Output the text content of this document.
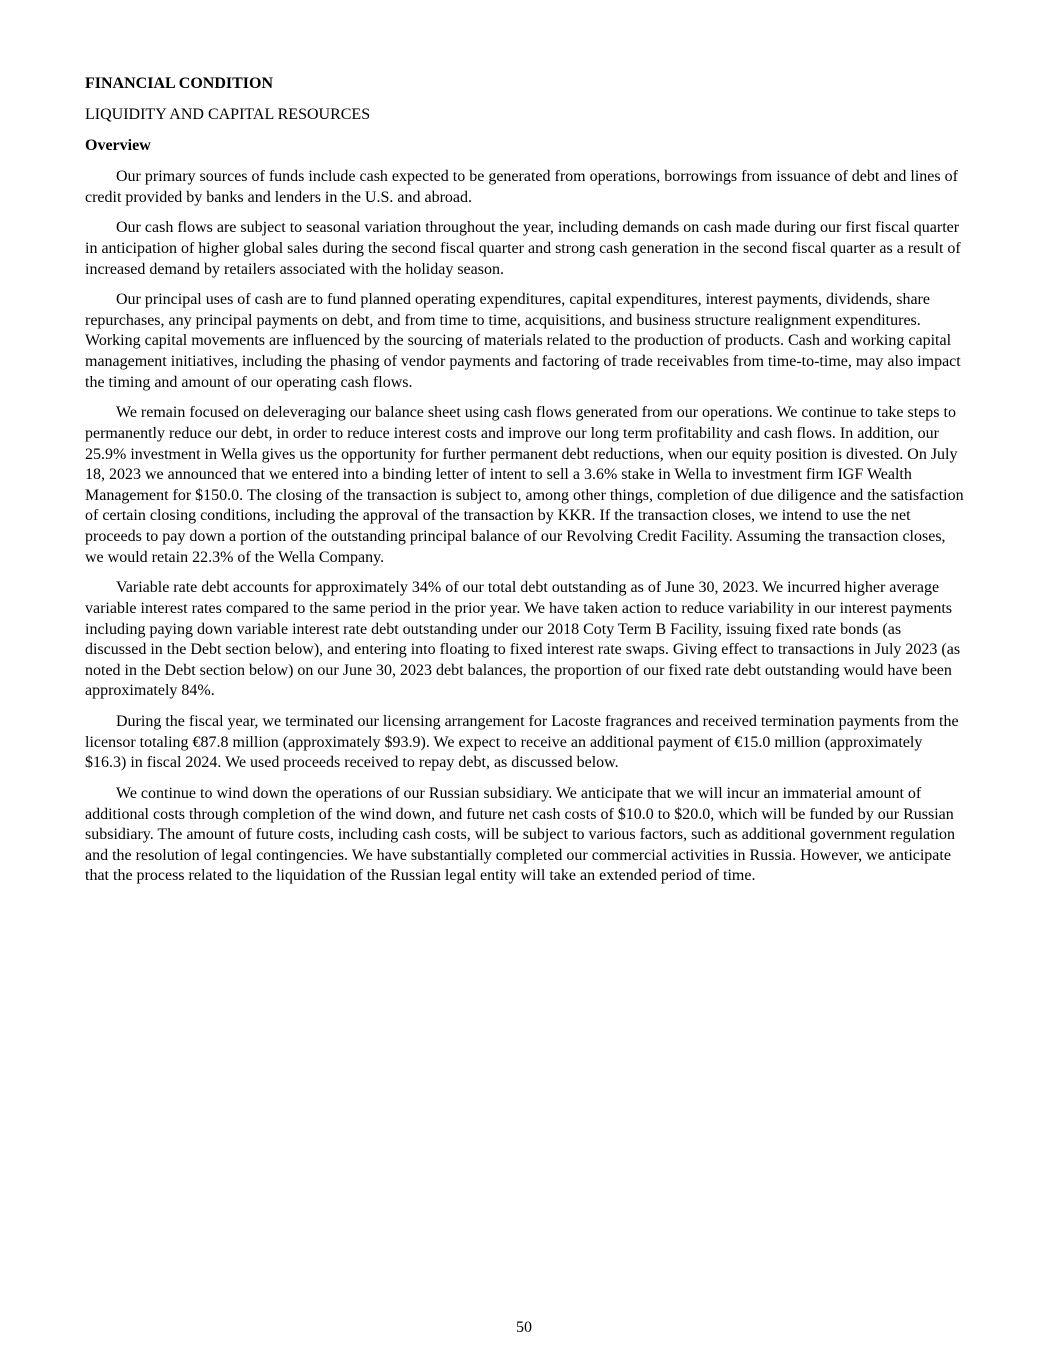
FINANCIAL CONDITION
LIQUIDITY AND CAPITAL RESOURCES
Overview

Our primary sources of funds include cash expected to be generated from operations, borrowings from issuance of debt and lines of credit provided by banks and lenders in the U.S. and abroad.

Our cash flows are subject to seasonal variation throughout the year, including demands on cash made during our first fiscal quarter in anticipation of higher global sales during the second fiscal quarter and strong cash generation in the second fiscal quarter as a result of increased demand by retailers associated with the holiday season.

Our principal uses of cash are to fund planned operating expenditures, capital expenditures, interest payments, dividends, share repurchases, any principal payments on debt, and from time to time, acquisitions, and business structure realignment expenditures. Working capital movements are influenced by the sourcing of materials related to the production of products. Cash and working capital management initiatives, including the phasing of vendor payments and factoring of trade receivables from time-to-time, may also impact the timing and amount of our operating cash flows.

We remain focused on deleveraging our balance sheet using cash flows generated from our operations. We continue to take steps to permanently reduce our debt, in order to reduce interest costs and improve our long term profitability and cash flows. In addition, our 25.9% investment in Wella gives us the opportunity for further permanent debt reductions, when our equity position is divested. On July 18, 2023 we announced that we entered into a binding letter of intent to sell a 3.6% stake in Wella to investment firm IGF Wealth Management for $150.0. The closing of the transaction is subject to, among other things, completion of due diligence and the satisfaction of certain closing conditions, including the approval of the transaction by KKR. If the transaction closes, we intend to use the net proceeds to pay down a portion of the outstanding principal balance of our Revolving Credit Facility. Assuming the transaction closes, we would retain 22.3% of the Wella Company.

Variable rate debt accounts for approximately 34% of our total debt outstanding as of June 30, 2023. We incurred higher average variable interest rates compared to the same period in the prior year. We have taken action to reduce variability in our interest payments including paying down variable interest rate debt outstanding under our 2018 Coty Term B Facility, issuing fixed rate bonds (as discussed in the Debt section below), and entering into floating to fixed interest rate swaps. Giving effect to transactions in July 2023 (as noted in the Debt section below) on our June 30, 2023 debt balances, the proportion of our fixed rate debt outstanding would have been approximately 84%.

During the fiscal year, we terminated our licensing arrangement for Lacoste fragrances and received termination payments from the licensor totaling €87.8 million (approximately $93.9). We expect to receive an additional payment of €15.0 million (approximately $16.3) in fiscal 2024. We used proceeds received to repay debt, as discussed below.

We continue to wind down the operations of our Russian subsidiary. We anticipate that we will incur an immaterial amount of additional costs through completion of the wind down, and future net cash costs of $10.0 to $20.0, which will be funded by our Russian subsidiary. The amount of future costs, including cash costs, will be subject to various factors, such as additional government regulation and the resolution of legal contingencies. We have substantially completed our commercial activities in Russia. However, we anticipate that the process related to the liquidation of the Russian legal entity will take an extended period of time.

50
